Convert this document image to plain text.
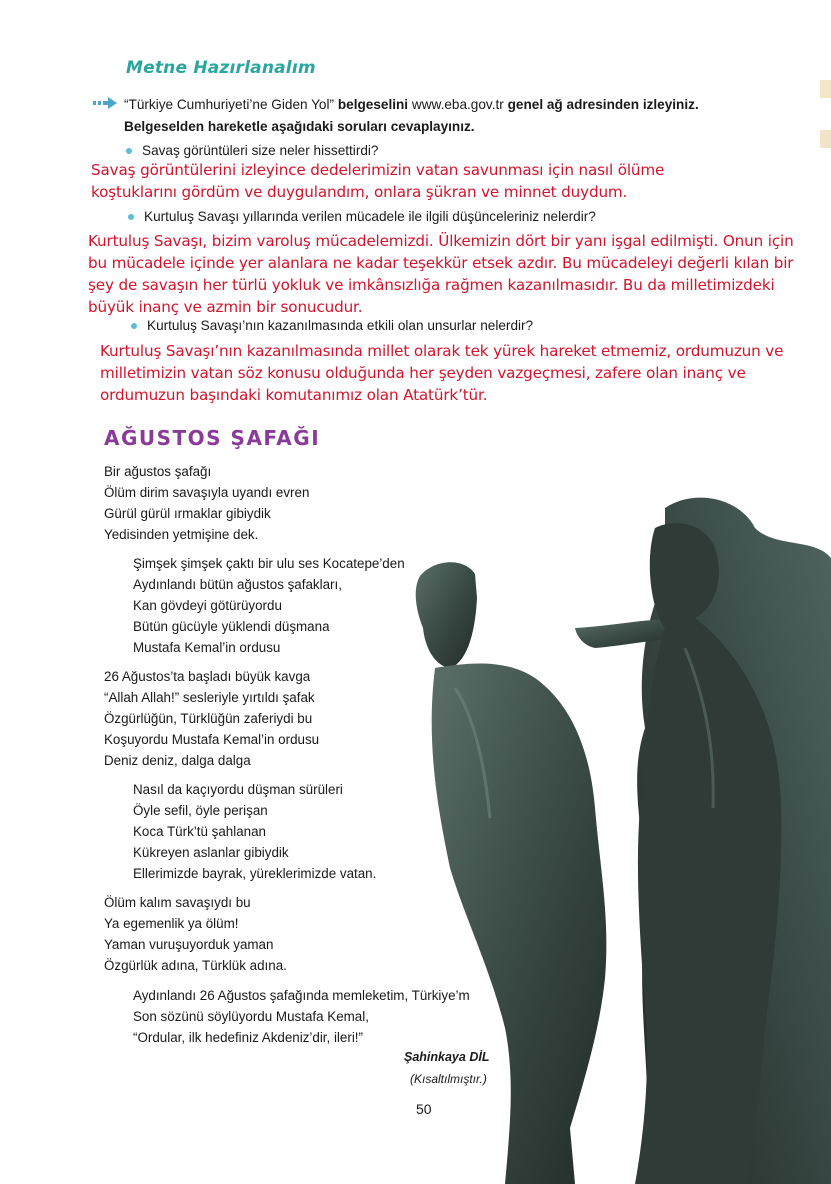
Metne Hazırlanalım
“Türkiye Cumhuriyeti’ne Giden Yol” belgeselini www.eba.gov.tr genel ağ adresinden izleyiniz.
Belgeselden hareketle aşağıdaki soruları cevaplayınız.
Savaş görüntüleri size neler hissettirdi?
Savaş görüntülerini izleyince dedelerimizin vatan savunması için nasıl ölüme
koştuklarını gördüm ve duygulandım, onlara şükran ve minnet duydum.
Kurtuluş Savaşı yıllarında verilen mücadele ile ilgili düşünceleriniz nelerdir?
Kurtuluş Savaşı, bizim varoluş mücadelemizdi. Ülkemizin dört bir yanı işgal edilmişti. Onun için
bu mücadele içinde yer alanlara ne kadar teşekkür etsek azdır. Bu mücadeleyi değerli kılan bir
şey de savaşın her türlü yokluk ve imkânsızlığa rağmen kazanılmasıdır. Bu da milletimizdeki
büyük inanç ve azmin bir sonucudur.
Kurtuluş Savaşı’nın kazanılmasında etkili olan unsurlar nelerdir?
Kurtuluş Savaşı’nın kazanılmasında millet olarak tek yürek hareket etmemiz, ordumuzun ve
milletimizin vatan söz konusu olduğunda her şeyden vazgeçmesi, zafere olan inanç ve
ordumuzun başındaki komutanımız olan Atatürk’tür.
AĞUSTOS ŞAFAĞI
Bir ağustos şafağı
Ölüm dirim savaşıyla uyandı evren
Gürül gürül ırmaklar gibiydik
Yedisinden yetmişine dek.
Şimşek şimşek çaktı bir ulu ses Kocatepe’den
Aydınlandı bütün ağustos şafakları,
Kan gövdeyi götürüyordu
Bütün gücüyle yüklendi düşmana
Mustafa Kemal’in ordusu
26 Ağustos’ta başladı büyük kavga
“Allah Allah!” sesleriyle yırtıldı şafak
Özgürlüğün, Türklüğün zaferiydi bu
Koşuyordu Mustafa Kemal’in ordusu
Deniz deniz, dalga dalga
Nasıl da kaçıyordu düşman sürüleri
Öyle sefil, öyle perişan
Koca Türk’tü şahlanan
Kükreyen aslanlar gibiydik
Ellerimizde bayrak, yüreklerimizde vatan.
Ölüm kalım savaşıydı bu
Ya egemenlik ya ölüm!
Yaman vuruşuyorduk yaman
Özgürlük adına, Türklük adına.
Aydınlandı 26 Ağustos şafağında memleketim, Türkiye’m
Son sözünü söylüyordu Mustafa Kemal,
“Ordular, ilk hedefiniz Akdeniz’dir, ileri!”
Şahinkaya DİL
(Kısaltılmıştır.)
50
